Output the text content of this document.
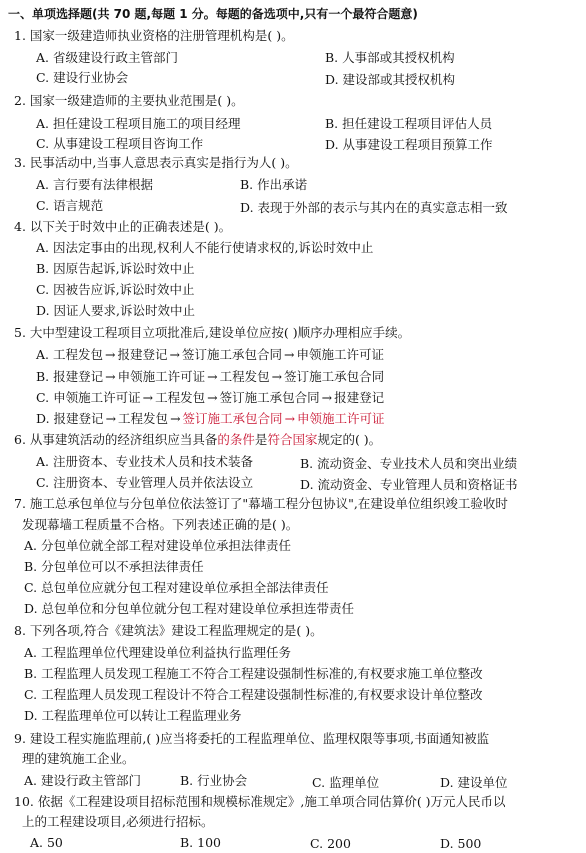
一、单项选择题(共 70 题,每题 1 分。每题的备选项中,只有一个最符合题意)
1. 国家一级建造师执业资格的注册管理机构是( )。
A. 省级建设行政主管部门	B. 人事部或其授权机构
C. 建设行业协会	D. 建设部或其授权机构
2. 国家一级建造师的主要执业范围是( )。
A. 担任建设工程项目施工的项目经理	B. 担任建设工程项目评估人员
C. 从事建设工程项目咨询工作	D. 从事建设工程项目预算工作
3. 民事活动中,当事人意思表示真实是指行为人( )。
A. 言行要有法律根据	B. 作出承诺
C. 语言规范	D. 表现于外部的表示与其内在的真实意志相一致
4. 以下关于时效中止的正确表述是( )。
A. 因法定事由的出现,权利人不能行使请求权的,诉讼时效中止
B. 因原告起诉,诉讼时效中止
C. 因被告应诉,诉讼时效中止
D. 因证人要求,诉讼时效中止
5. 大中型建设工程项目立项批准后,建设单位应按( )顺序办理相应手续。
A.
工程发包 → 报建登记 → 签订施工承包合同 → 申领施工许可证
B.
报建登记 → 申领施工许可证 → 工程发包 → 签订施工承包合同
C.
申领施工许可证 → 工程发包 → 签订施工承包合同 → 报建登记
D.
报建登记 → 工程发包 → 签订施工承包合同 → 申领施工许可证
6. 从事建筑活动的经济组织应当具备的条件是符合国家规定的( )。
A. 注册资本、专业技术人员和技术装备	B. 流动资金、专业技术人员和突出业绩
C. 注册资本、专业管理人员并依法设立	D. 流动资金、专业管理人员和资格证书
7. 施工总承包单位与分包单位依法签订了"幕墙工程分包协议",在建设单位组织竣工验收时
发现幕墙工程质量不合格。下列表述正确的是( )。
A. 分包单位就全部工程对建设单位承担法律责任
B. 分包单位可以不承担法律责任
C. 总包单位应就分包工程对建设单位承担全部法律责任
D. 总包单位和分包单位就分包工程对建设单位承担连带责任
8. 下列各项,符合《建筑法》建设工程监理规定的是( )。
A. 工程监理单位代理建设单位利益执行监理任务
B. 工程监理人员发现工程施工不符合工程建设强制性标准的,有权要求施工单位整改
C. 工程监理人员发现工程设计不符合工程建设强制性标准的,有权要求设计单位整改
D. 工程监理单位可以转让工程监理业务
9. 建设工程实施监理前,( )应当将委托的工程监理单位、监理权限等事项,书面通知被监
理的建筑施工企业。
A. 建设行政主管部门	B. 行业协会	C. 监理单位	D. 建设单位
10. 依据《工程建设项目招标范围和规模标准规定》,施工单项合同估算价( )万元人民币以
上的工程建设项目,必须进行招标。
A. 50	B. 100	C. 200	D. 500
